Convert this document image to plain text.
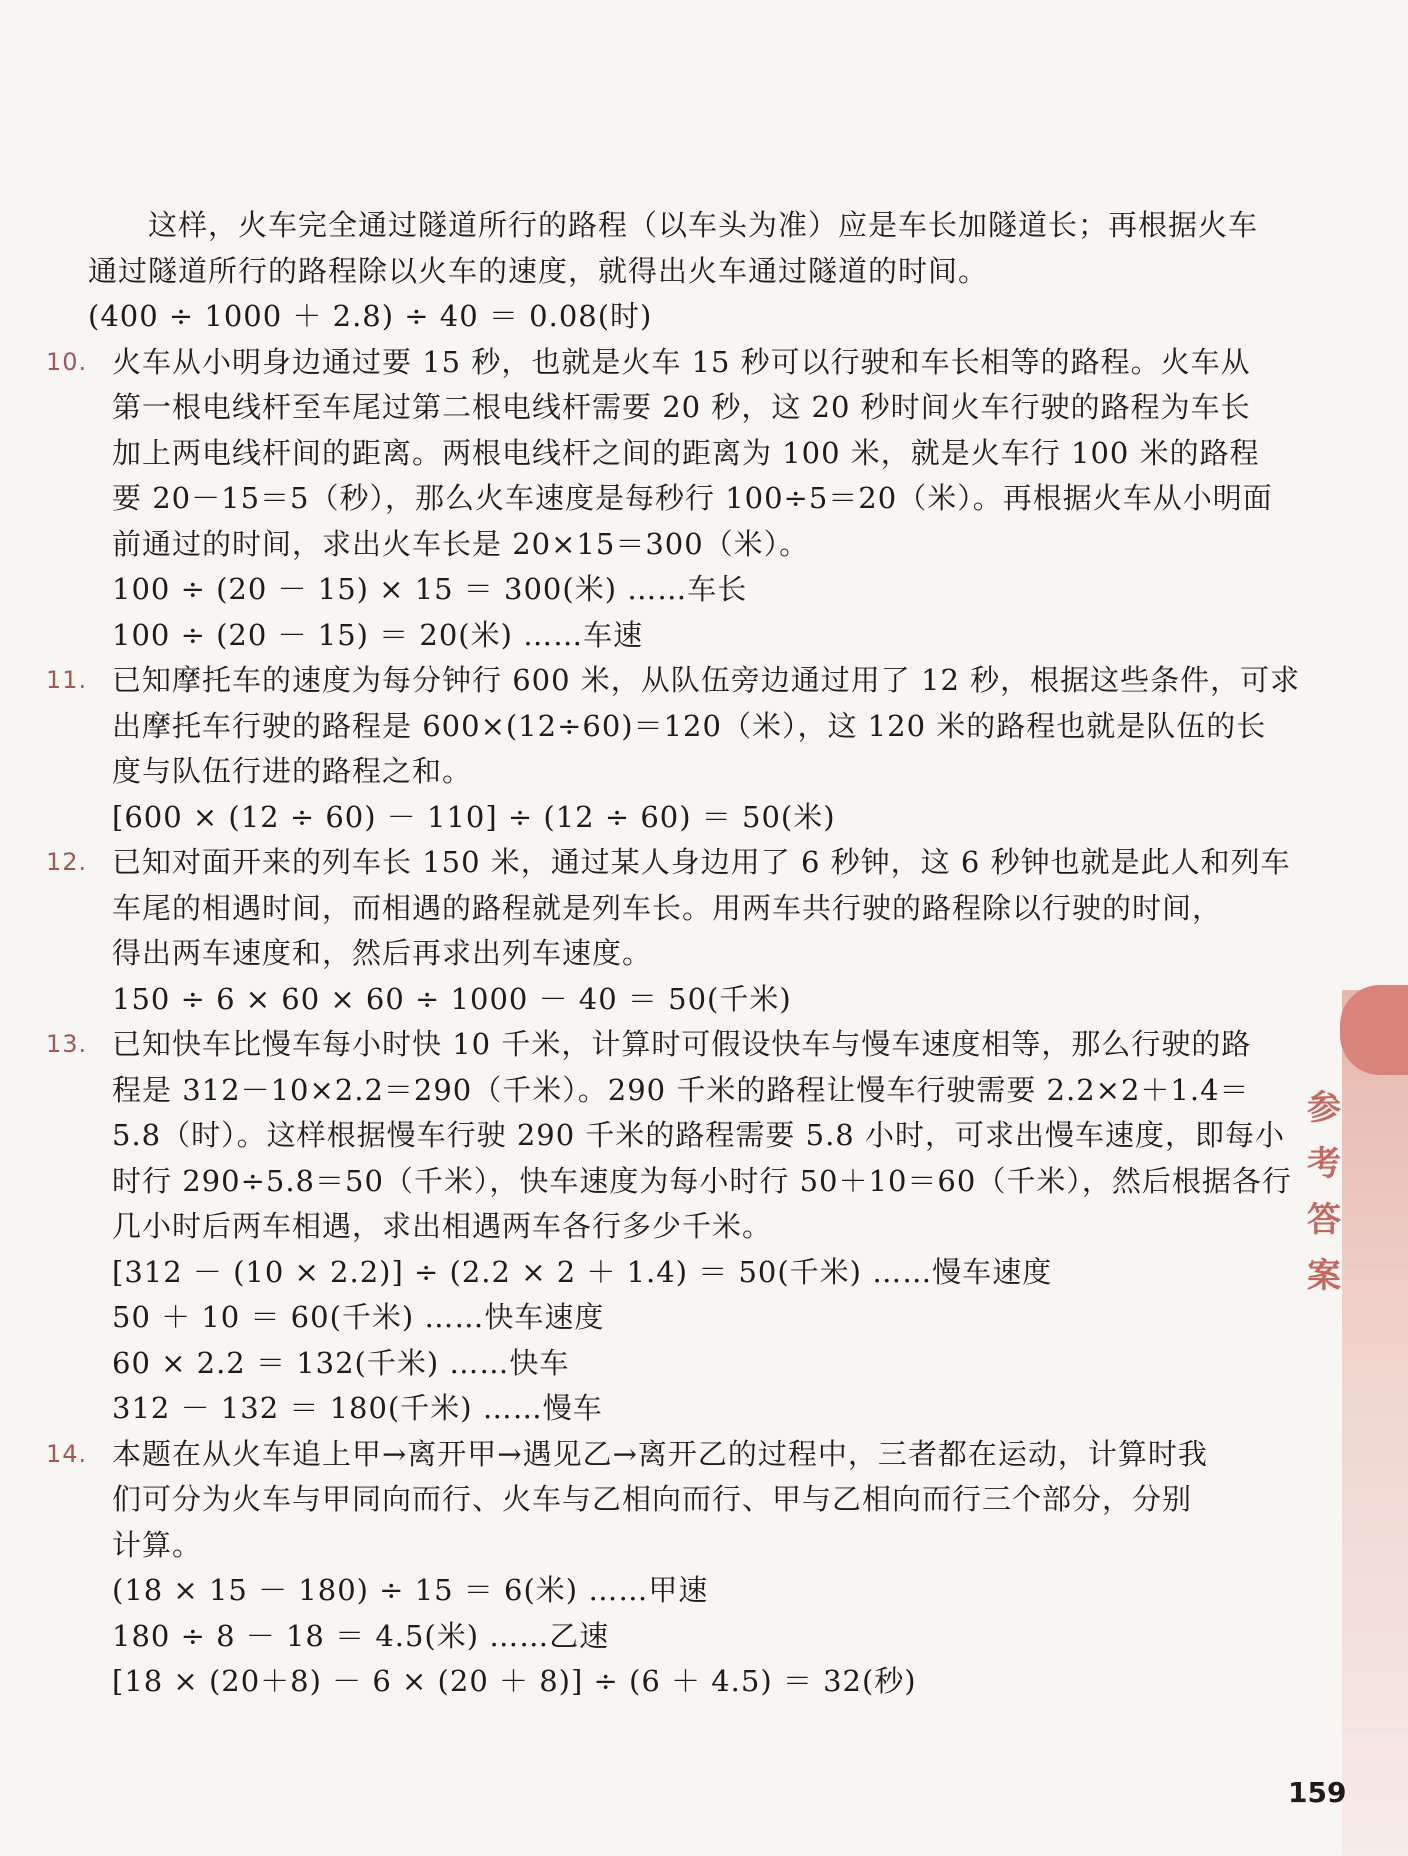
这样，火车完全通过隧道所行的路程（以车头为准）应是车长加隧道长；再根据火车
通过隧道所行的路程除以火车的速度，就得出火车通过隧道的时间。
(400 ÷ 1000 ＋ 2.8) ÷ 40 ＝ 0.08(时)
10. 火车从小明身边通过要 15 秒，也就是火车 15 秒可以行驶和车长相等的路程。火车从
第一根电线杆至车尾过第二根电线杆需要 20 秒，这 20 秒时间火车行驶的路程为车长
加上两电线杆间的距离。两根电线杆之间的距离为 100 米，就是火车行 100 米的路程
要 20－15＝5（秒），那么火车速度是每秒行 100÷5＝20（米）。再根据火车从小明面
前通过的时间，求出火车长是 20×15＝300（米）。
100 ÷ (20 － 15) × 15 ＝ 300(米) ……车长
100 ÷ (20 － 15) ＝ 20(米) ……车速
11. 已知摩托车的速度为每分钟行 600 米，从队伍旁边通过用了 12 秒，根据这些条件，可求
出摩托车行驶的路程是 600×(12÷60)＝120（米），这 120 米的路程也就是队伍的长
度与队伍行进的路程之和。
[600 × (12 ÷ 60) － 110] ÷ (12 ÷ 60) ＝ 50(米)
12. 已知对面开来的列车长 150 米，通过某人身边用了 6 秒钟，这 6 秒钟也就是此人和列车
车尾的相遇时间，而相遇的路程就是列车长。用两车共行驶的路程除以行驶的时间，
得出两车速度和，然后再求出列车速度。
150 ÷ 6 × 60 × 60 ÷ 1000 － 40 ＝ 50(千米)
13. 已知快车比慢车每小时快 10 千米，计算时可假设快车与慢车速度相等，那么行驶的路
程是 312－10×2.2＝290（千米）。290 千米的路程让慢车行驶需要 2.2×2＋1.4＝
5.8（时）。这样根据慢车行驶 290 千米的路程需要 5.8 小时，可求出慢车速度，即每小
时行 290÷5.8＝50（千米），快车速度为每小时行 50＋10＝60（千米），然后根据各行
几小时后两车相遇，求出相遇两车各行多少千米。
[312 － (10 × 2.2)] ÷ (2.2 × 2 ＋ 1.4) ＝ 50(千米) ……慢车速度
50 ＋ 10 ＝ 60(千米) ……快车速度
60 × 2.2 ＝ 132(千米) ……快车
312 － 132 ＝ 180(千米) ……慢车
14. 本题在从火车追上甲→离开甲→遇见乙→离开乙的过程中，三者都在运动，计算时我
们可分为火车与甲同向而行、火车与乙相向而行、甲与乙相向而行三个部分，分别
计算。
(18 × 15 － 180) ÷ 15 ＝ 6(米) ……甲速
180 ÷ 8 － 18 ＝ 4.5(米) ……乙速
[18 × (20＋8) － 6 × (20 ＋ 8)] ÷ (6 ＋ 4.5) ＝ 32(秒)
参
考
答
案
159
